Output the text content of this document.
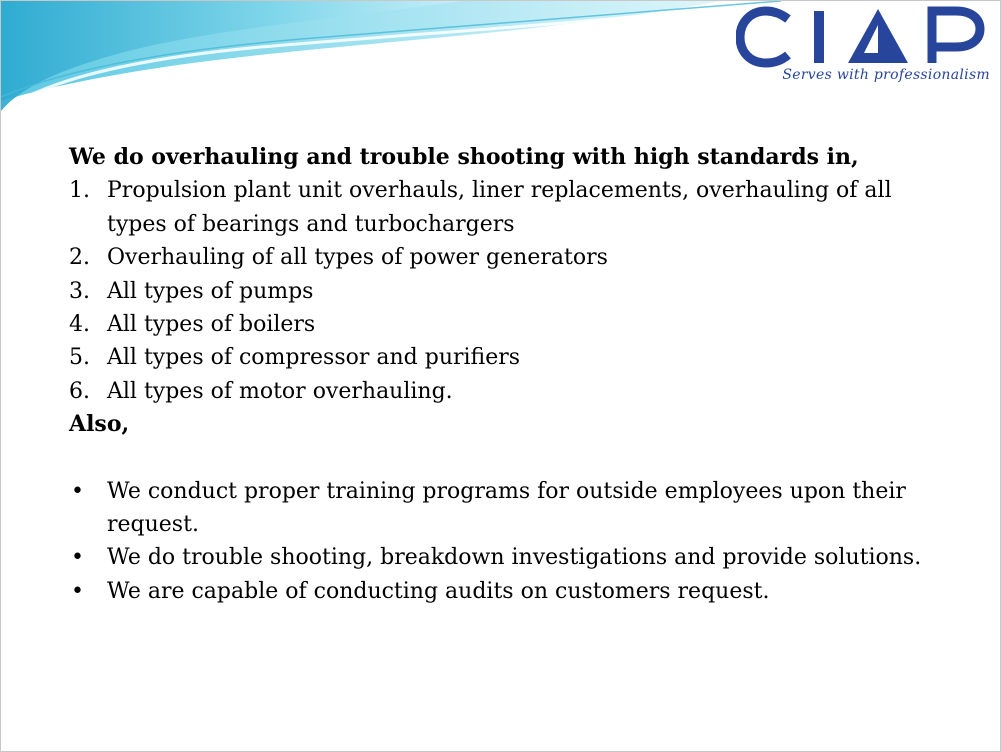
Serves with professionalism

We do overhauling and trouble shooting with high standards in,

1. Propulsion plant unit overhauls, liner replacements, overhauling of all types of bearings and turbochargers
2. Overhauling of all types of power generators
3. All types of pumps
4. All types of boilers
5. All types of compressor and purifiers
6. All types of motor overhauling.

Also,

• We conduct proper training programs for outside employees upon their request.
• We do trouble shooting, breakdown investigations and provide solutions.
• We are capable of conducting audits on customers request.
